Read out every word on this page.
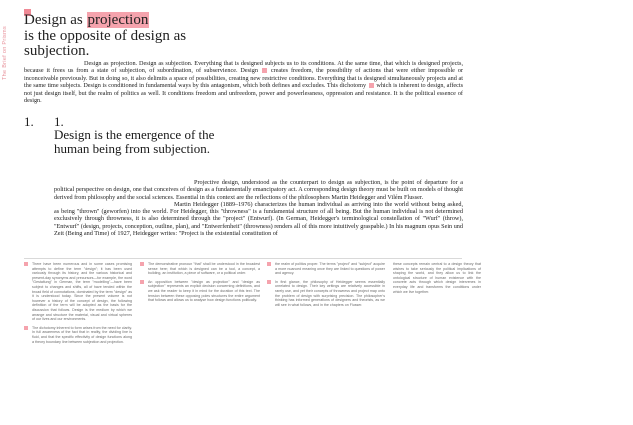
The Brief on Prisms
Design as projection
is the opposite of design as subjection.

Design as projection. Design as subjection. Everything that is designed subjects us to its conditions. At the same time, that which is designed projects, because it frees us from a state of subjection, of subordination, of subservience. Design creates freedom, the possibility of actions that were either impossible or inconceivable previously. But in doing so, it also delimits a space of possibilities, creating new restrictive conditions. Everything that is designed simultaneously projects and at the same time subjects. Design is conditioned in fundamental ways by this antagonism, which both defines and excludes. This dichotomy which is inherent to design, affects not just design itself, but the realm of politics as well. It conditions freedom and unfreedom, power and powerlessness, oppression and resistance. It is the political essence of design.

1. 1.
Design is the emergence of the human being from subjection.

Projective design, understood as the counterpart to design as subjection, is the point of departure for a political perspective on design, one that conceives of design as a fundamentally emancipatory act. A corresponding design theory must be built on models of thought derived from philosophy and the social sciences. Essential in this context are the reflections of the philosophers Martin Heidegger and Vilém Flusser.

Martin Heidegger (1889–1976) characterizes the human individual as arriving into the world without being asked, as being "thrown" (geworfen) into the world. For Heidegger, this "throwness" is a fundamental structure of all being. But the human individual is not determined exclusively through throwness, it is also determined through the "project" (Entwurf). (In German, Heidegger's terminological constellation of "Wurf" (throw), "Entwurf" (design, projects, conception, outline, plan), and "Entwerfenheit" (throwness) renders all of this more intuitively graspable.) In his magnum opus Sein und Zeit (Being and Time) of 1927, Heidegger writes: "Project is the existential constitution of

There have been numerous and in some cases promising attempts to define the term "design"; it has been used variously through its history, and the various historical and present-day synonyms and precursors—for example, the word "Gestaltung" in German, the term "modelling"—have been subject to changes and shifts, all of have tended within the broad field of connotations, dominated by the term "design" as it is understood today. Since the present volume is not however a history of the concept of design, the following definition of the term will be adopted as the basis for the discussion that follows. Design is the medium by which we arrange and structure the material, visual and virtual spheres of our lives and our environments.

The dichotomy inherent to form arises from the need for clarity. In full awareness of the fact that in reality, the dividing line is fluid, and that the specific effectivity of design functions along a theory boundary line between subjection and projection.

The demonstrative pronoun "that" shall be understood in the broadest sense here; that which is designed can be a tool, a concept, a building, an institution, a piece of software, or a political order.

An opposition between "design as projection" and "design as subjection" represents an explicit decision concerning definitions, and we ask the reader to keep it in mind for the duration of this text. The tension between these opposing poles structures the entire argument that follows and allows us to analyse how design functions politically.

the realm of politics proper. The terms "project" and "subject" acquire a more nuanced meaning once they are linked to questions of power and agency.

In first glance, the philosophy of Heidegger seems essentially unrelated to design. Their key writings are relatively accessible in rarely use, and yet their concepts of throwness and project map onto the problem of design with surprising precision. The philosopher's thinking has informed generations of designers and theorists, as we will see in what follows, and in the chapters on Flusser.

these concepts remain central to a design theory that wishes to take seriously the political implications of shaping the world, and they allow us to link the ontological structure of human existence with the concrete acts through which design intervenes in everyday life and transforms the conditions under which we live together.
